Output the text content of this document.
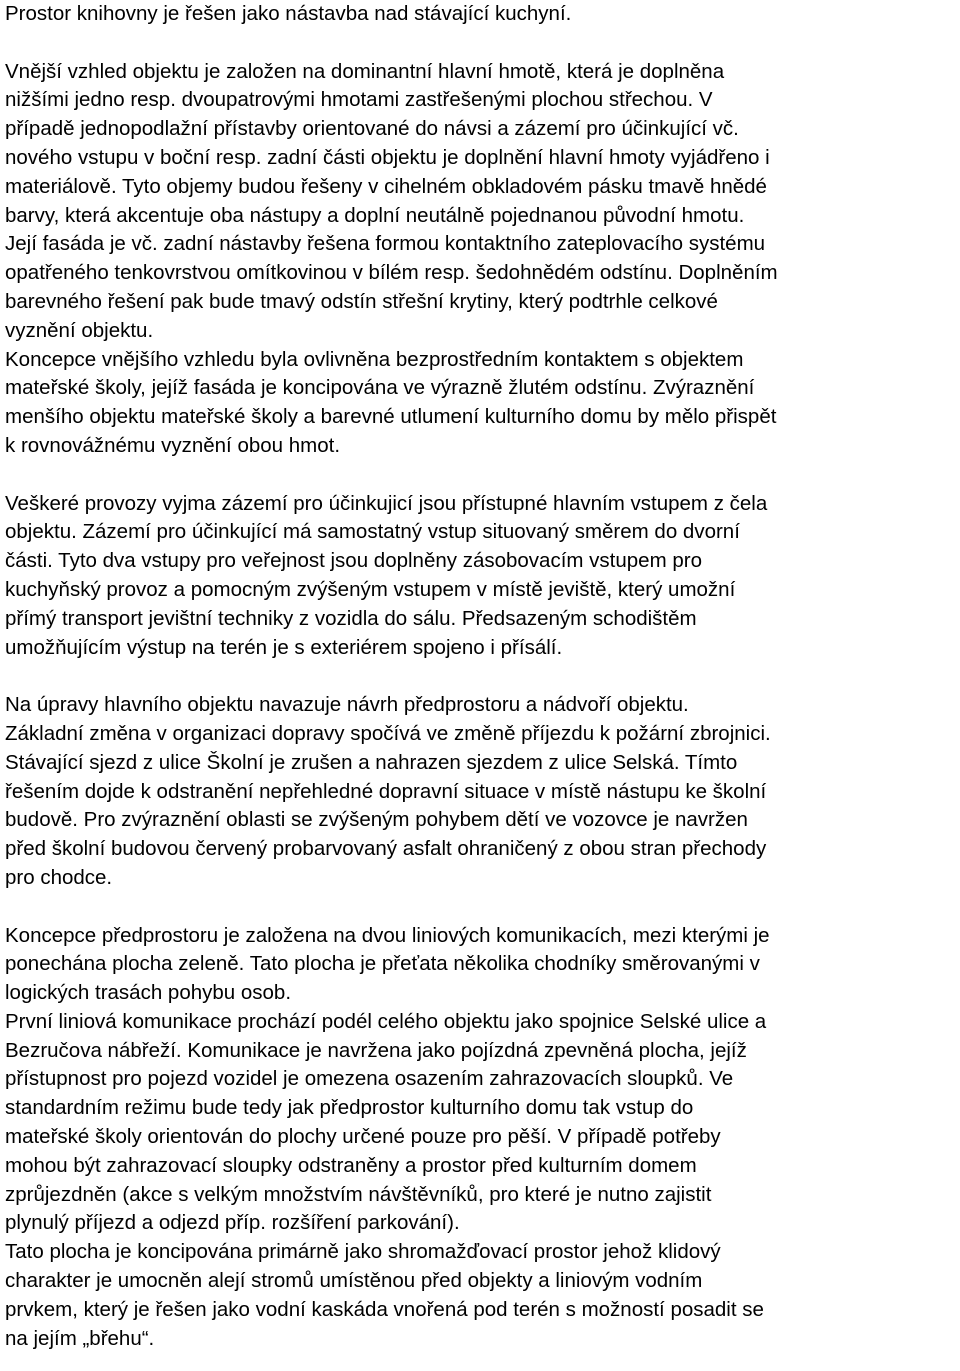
Prostor knihovny je řešen jako nástavba nad stávající kuchyní.
Vnější vzhled objektu je založen na dominantní hlavní hmotě, která je doplněna
nižšími jedno resp. dvoupatrovými hmotami zastřešenými plochou střechou. V
případě jednopodlažní přístavby orientované do návsi a zázemí pro účinkující vč.
nového vstupu v boční resp. zadní části objektu je doplnění hlavní hmoty vyjádřeno i
materiálově. Tyto objemy budou řešeny v cihelném obkladovém pásku tmavě hnědé
barvy, která akcentuje oba nástupy a doplní neutálně pojednanou původní hmotu.
Její fasáda je vč. zadní nástavby řešena formou kontaktního zateplovacího systému
opatřeného tenkovrstvou omítkovinou v bílém resp. šedohnědém odstínu. Doplněním
barevného řešení pak bude tmavý odstín střešní krytiny, který podtrhle celkové
vyznění objektu.
Koncepce vnějšího vzhledu byla ovlivněna bezprostředním kontaktem s objektem
mateřské školy, jejíž fasáda je koncipována ve výrazně žlutém odstínu. Zvýraznění
menšího objektu mateřské školy a barevné utlumení kulturního domu by mělo přispět
k rovnovážnému vyznění obou hmot.
Veškeré provozy vyjma zázemí pro účinkujicí jsou přístupné hlavním vstupem z čela
objektu. Zázemí pro účinkující má samostatný vstup situovaný směrem do dvorní
části. Tyto dva vstupy pro veřejnost jsou doplněny zásobovacím vstupem pro
kuchyňský provoz a pomocným zvýšeným vstupem v místě jeviště, který umožní
přímý transport jevištní techniky z vozidla do sálu. Předsazeným schodištěm
umožňujícím výstup na terén je s exteriérem spojeno i přísálí.
Na úpravy hlavního objektu navazuje návrh předprostoru a nádvoří objektu.
Základní změna v organizaci dopravy spočívá ve změně příjezdu k požární zbrojnici.
Stávající sjezd z ulice Školní je zrušen a nahrazen sjezdem z ulice Selská. Tímto
řešením dojde k odstranění nepřehledné dopravní situace v místě nástupu ke školní
budově. Pro zvýraznění oblasti se zvýšeným pohybem dětí ve vozovce je navržen
před školní budovou červený probarvovaný asfalt ohraničený z obou stran přechody
pro chodce.
Koncepce předprostoru je založena na dvou liniových komunikacích, mezi kterými je
ponechána plocha zeleně. Tato plocha je přeťata několika chodníky směrovanými v
logických trasách pohybu osob.
První liniová komunikace prochází podél celého objektu jako spojnice Selské ulice a
Bezručova nábřeží. Komunikace je navržena jako pojízdná zpevněná plocha, jejíž
přístupnost pro pojezd vozidel je omezena osazením zahrazovacích sloupků. Ve
standardním režimu bude tedy jak předprostor kulturního domu tak vstup do
mateřské školy orientován do plochy určené pouze pro pěší. V případě potřeby
mohou být zahrazovací sloupky odstraněny a prostor před kulturním domem
zprůjezdněn (akce s velkým množstvím návštěvníků, pro které je nutno zajistit
plynulý příjezd a odjezd příp. rozšíření parkování).
Tato plocha je koncipována primárně jako shromažďovací prostor jehož klidový
charakter je umocněn alejí stromů umístěnou před objekty a liniovým vodním
prvkem, který je řešen jako vodní kaskáda vnořená pod terén s možností posadit se
na jejím „břehu“.
